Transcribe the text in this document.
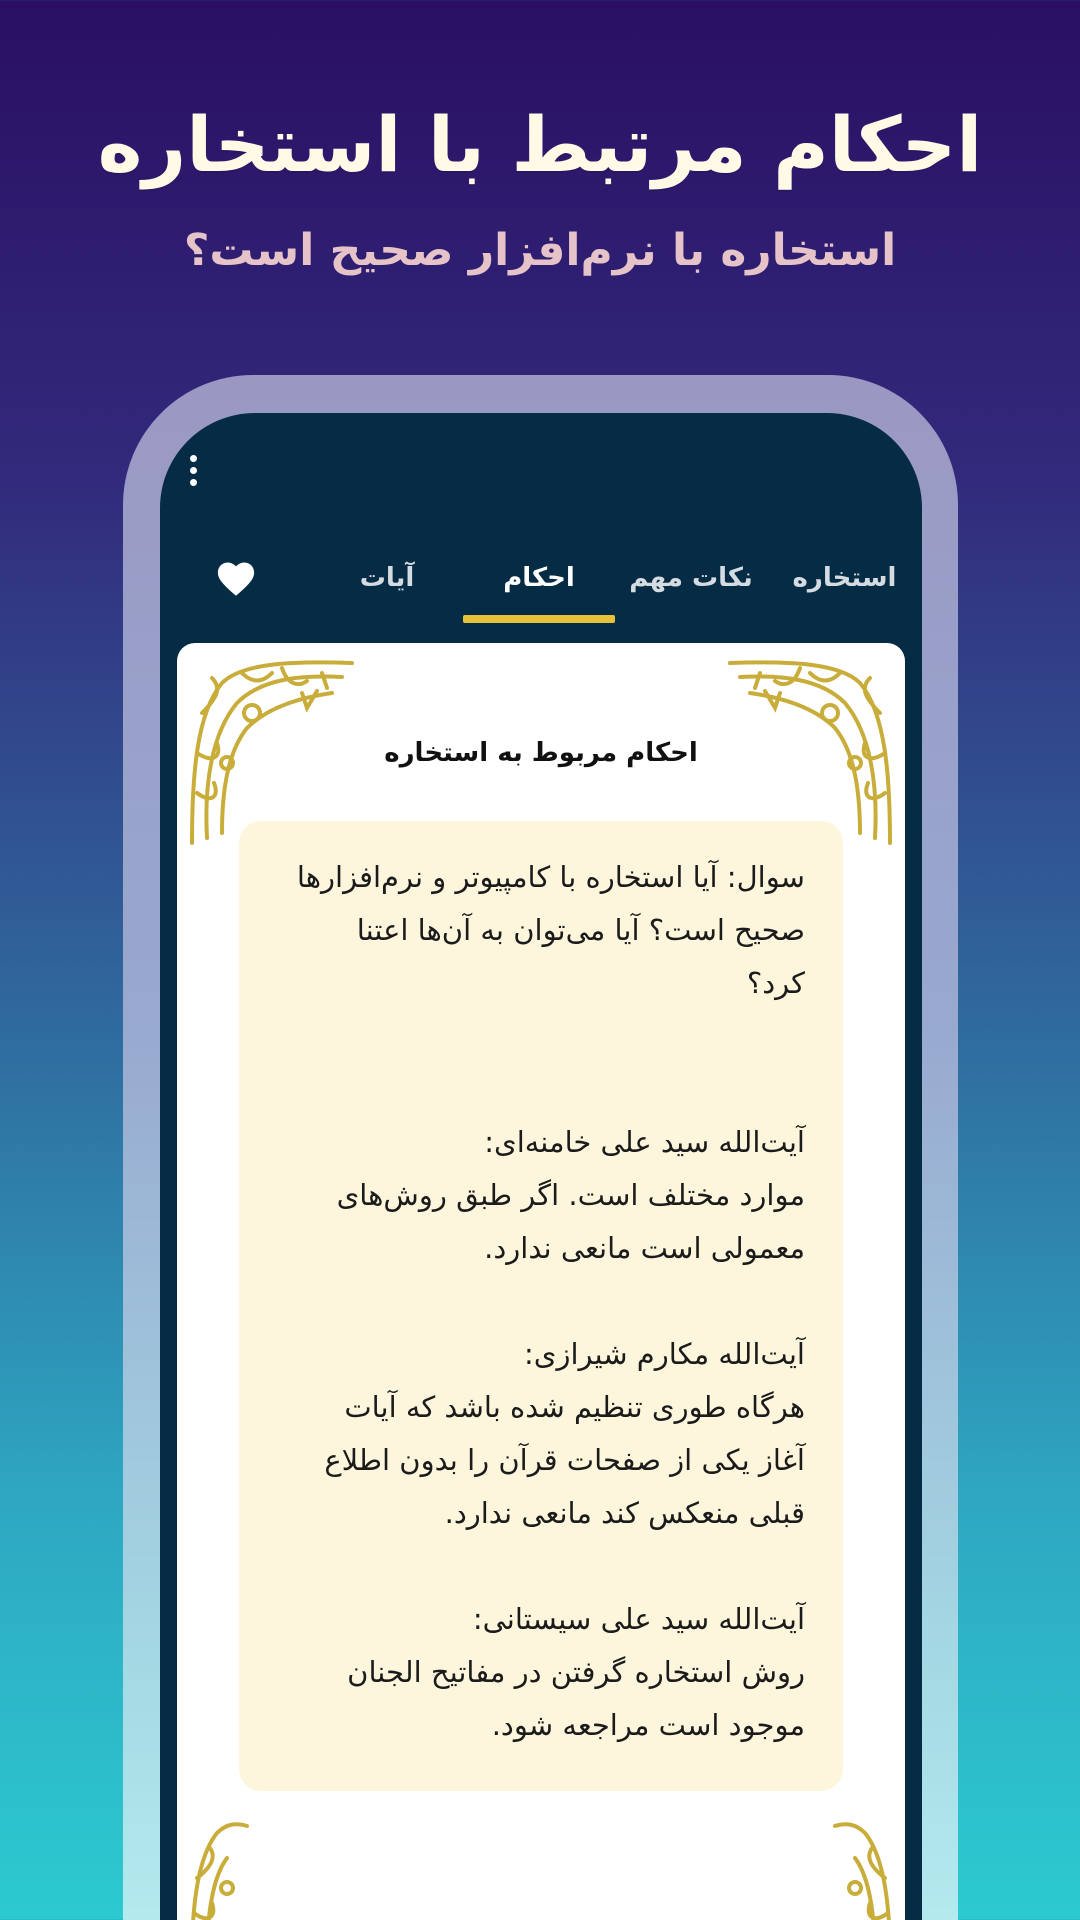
احکام مرتبط با استخاره
استخاره با نرم‌افزار صحیح است؟
استخاره
نکات مهم
احکام
آیات
احکام مربوط به استخاره

سوال: آیا استخاره با کامپیوتر و نرم‌افزارها
صحیح است؟ آیا می‌توان به آن‌ها اعتنا
کرد؟

آیت‌الله سید علی خامنه‌ای:

موارد مختلف است. اگر طبق روش‌های
معمولی است مانعی ندارد.

آیت‌الله مکارم شیرازی:

هرگاه طوری تنظیم شده باشد که آیات
آغاز یکی از صفحات قرآن را بدون اطلاع
قبلی منعکس کند مانعی ندارد.

آیت‌الله سید علی سیستانی:

روش استخاره گرفتن در مفاتیح الجنان
موجود است مراجعه شود.
